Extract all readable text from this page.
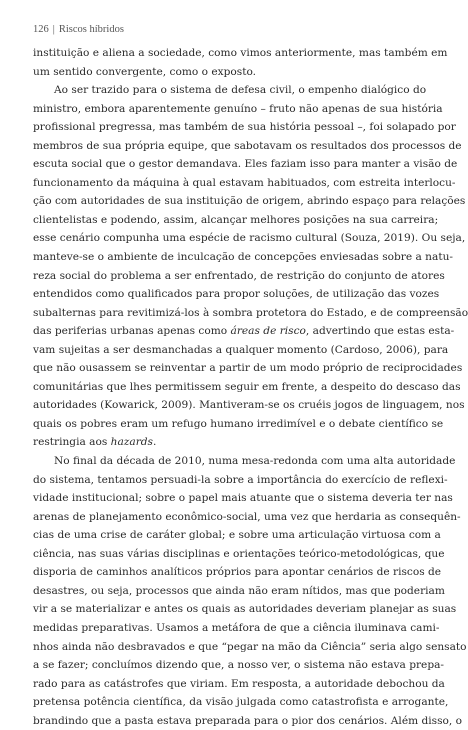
126 | Riscos híbridos
instituição e aliena a sociedade, como vimos anteriormente, mas também em
um sentido convergente, como o exposto.
Ao ser trazido para o sistema de defesa civil, o empenho dialógico do
ministro, embora aparentemente genuíno – fruto não apenas de sua história
profissional pregressa, mas também de sua história pessoal –, foi solapado por
membros de sua própria equipe, que sabotavam os resultados dos processos de
escuta social que o gestor demandava. Eles faziam isso para manter a visão de
funcionamento da máquina à qual estavam habituados, com estreita interlocu-
ção com autoridades de sua instituição de origem, abrindo espaço para relações
clientelistas e podendo, assim, alcançar melhores posições na sua carreira;
esse cenário compunha uma espécie de racismo cultural (Souza, 2019). Ou seja,
manteve-se o ambiente de inculcação de concepções enviesadas sobre a natu-
reza social do problema a ser enfrentado, de restrição do conjunto de atores
entendidos como qualificados para propor soluções, de utilização das vozes
subalternas para revitimizá-los à sombra protetora do Estado, e de compreensão
das periferias urbanas apenas como áreas de risco, advertindo que estas esta-
vam sujeitas a ser desmanchadas a qualquer momento (Cardoso, 2006), para
que não ousassem se reinventar a partir de um modo próprio de reciprocidades
comunitárias que lhes permitissem seguir em frente, a despeito do descaso das
autoridades (Kowarick, 2009). Mantiveram-se os cruéis jogos de linguagem, nos
quais os pobres eram um refugo humano irredimível e o debate científico se
restringia aos hazards.
No final da década de 2010, numa mesa-redonda com uma alta autoridade
do sistema, tentamos persuadi-la sobre a importância do exercício de reflexi-
vidade institucional; sobre o papel mais atuante que o sistema deveria ter nas
arenas de planejamento econômico-social, uma vez que herdaria as consequên-
cias de uma crise de caráter global; e sobre uma articulação virtuosa com a
ciência, nas suas várias disciplinas e orientações teórico-metodológicas, que
disporia de caminhos analíticos próprios para apontar cenários de riscos de
desastres, ou seja, processos que ainda não eram nítidos, mas que poderiam
vir a se materializar e antes os quais as autoridades deveriam planejar as suas
medidas preparativas. Usamos a metáfora de que a ciência iluminava cami-
nhos ainda não desbravados e que “pegar na mão da Ciência” seria algo sensato
a se fazer; concluímos dizendo que, a nosso ver, o sistema não estava prepa-
rado para as catástrofes que viriam. Em resposta, a autoridade debochou da
pretensa potência científica, da visão julgada como catastrofista e arrogante,
brandindo que a pasta estava preparada para o pior dos cenários. Além disso, o
